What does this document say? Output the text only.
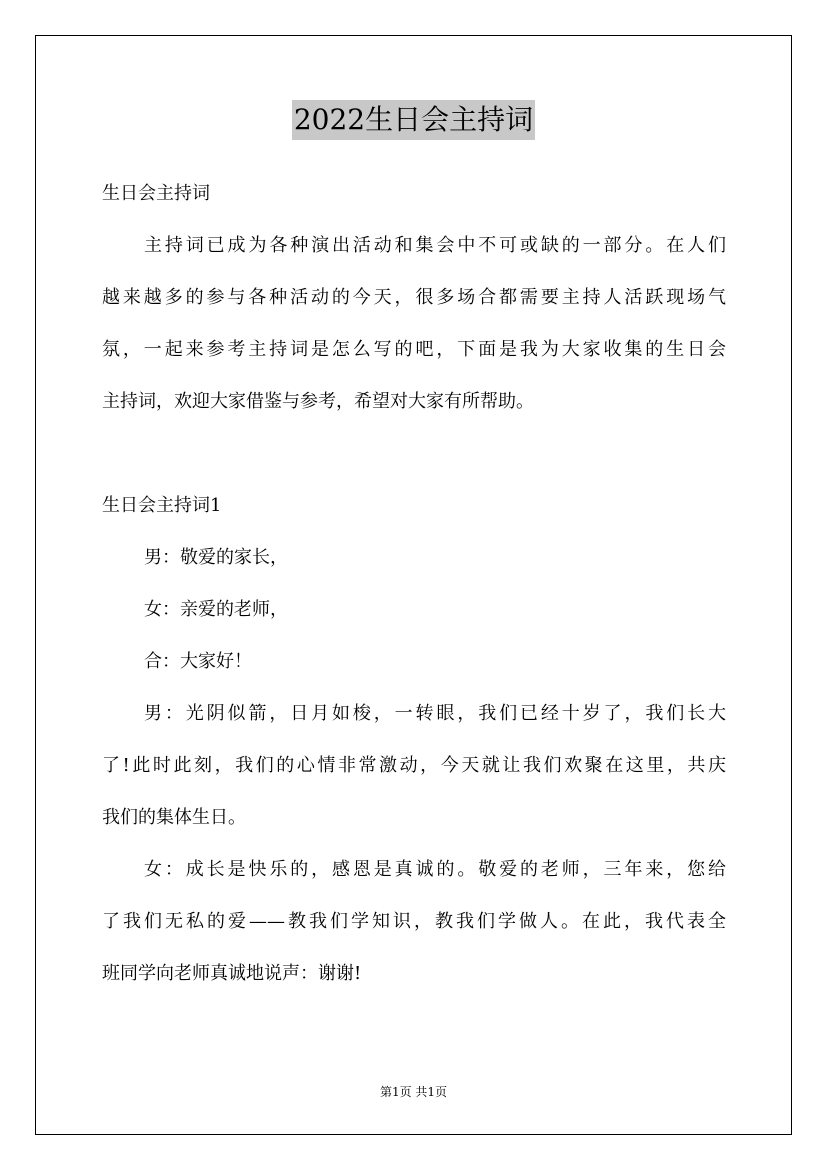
2022生日会主持词
生日会主持词
主持词已成为各种演出活动和集会中不可或缺的一部分。在人们
越来越多的参与各种活动的今天，很多场合都需要主持人活跃现场气
氛，一起来参考主持词是怎么写的吧，下面是我为大家收集的生日会
主持词，欢迎大家借鉴与参考，希望对大家有所帮助。
生日会主持词1
男：敬爱的家长，
女：亲爱的老师，
合：大家好！
男：光阴似箭，日月如梭，一转眼，我们已经十岁了，我们长大
了!此时此刻，我们的心情非常激动，今天就让我们欢聚在这里，共庆
我们的集体生日。
女：成长是快乐的，感恩是真诚的。敬爱的老师，三年来，您给
了我们无私的爱——教我们学知识，教我们学做人。在此，我代表全
班同学向老师真诚地说声：谢谢!
第1页 共1页
